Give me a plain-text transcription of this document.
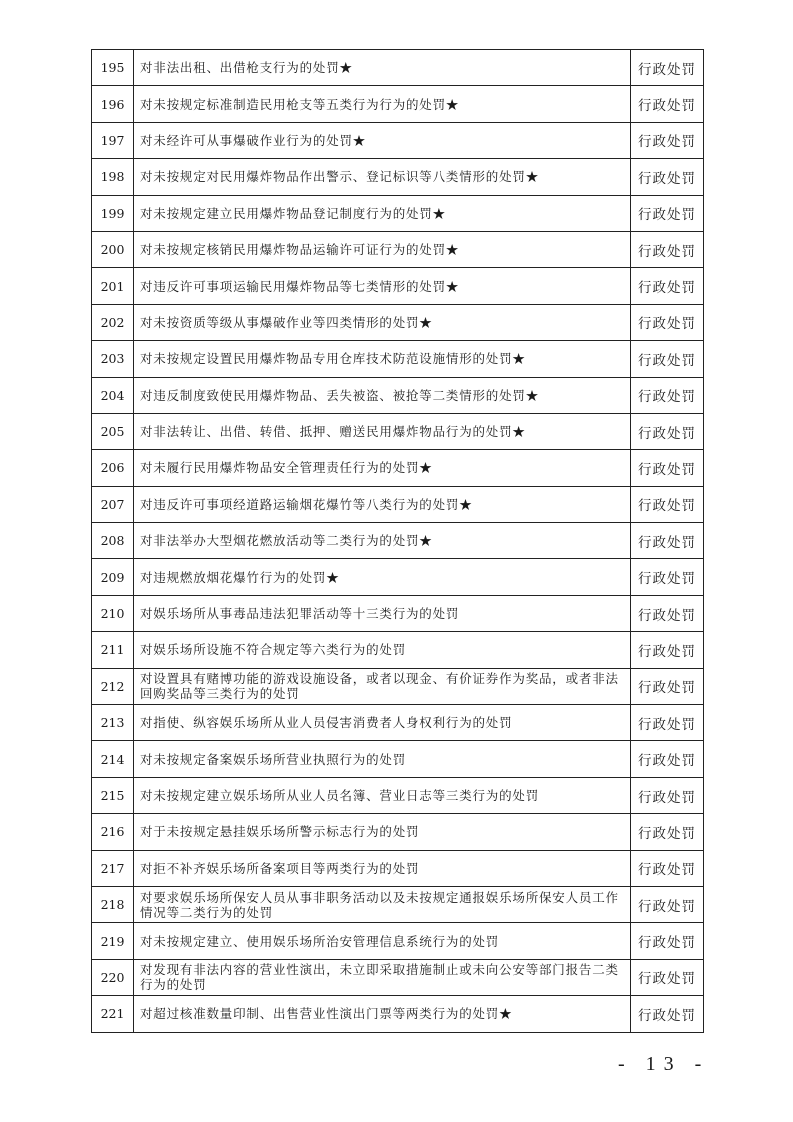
195	对非法出租、出借枪支行为的处罚★	行政处罚
196	对未按规定标准制造民用枪支等五类行为行为的处罚★	行政处罚
197	对未经许可从事爆破作业行为的处罚★	行政处罚
198	对未按规定对民用爆炸物品作出警示、登记标识等八类情形的处罚★	行政处罚
199	对未按规定建立民用爆炸物品登记制度行为的处罚★	行政处罚
200	对未按规定核销民用爆炸物品运输许可证行为的处罚★	行政处罚
201	对违反许可事项运输民用爆炸物品等七类情形的处罚★	行政处罚
202	对未按资质等级从事爆破作业等四类情形的处罚★	行政处罚
203	对未按规定设置民用爆炸物品专用仓库技术防范设施情形的处罚★	行政处罚
204	对违反制度致使民用爆炸物品、丢失被盗、被抢等二类情形的处罚★	行政处罚
205	对非法转让、出借、转借、抵押、赠送民用爆炸物品行为的处罚★	行政处罚
206	对未履行民用爆炸物品安全管理责任行为的处罚★	行政处罚
207	对违反许可事项经道路运输烟花爆竹等八类行为的处罚★	行政处罚
208	对非法举办大型烟花燃放活动等二类行为的处罚★	行政处罚
209	对违规燃放烟花爆竹行为的处罚★	行政处罚
210	对娱乐场所从事毒品违法犯罪活动等十三类行为的处罚	行政处罚
211	对娱乐场所设施不符合规定等六类行为的处罚	行政处罚
212	对设置具有赌博功能的游戏设施设备，或者以现金、有价证券作为奖品，或者非法回购奖品等三类行为的处罚	行政处罚
213	对指使、纵容娱乐场所从业人员侵害消费者人身权利行为的处罚	行政处罚
214	对未按规定备案娱乐场所营业执照行为的处罚	行政处罚
215	对未按规定建立娱乐场所从业人员名簿、营业日志等三类行为的处罚	行政处罚
216	对于未按规定悬挂娱乐场所警示标志行为的处罚	行政处罚
217	对拒不补齐娱乐场所备案项目等两类行为的处罚	行政处罚
218	对要求娱乐场所保安人员从事非职务活动以及未按规定通报娱乐场所保安人员工作情况等二类行为的处罚	行政处罚
219	对未按规定建立、使用娱乐场所治安管理信息系统行为的处罚	行政处罚
220	对发现有非法内容的营业性演出，未立即采取措施制止或未向公安等部门报告二类行为的处罚	行政处罚
221	对超过核准数量印制、出售营业性演出门票等两类行为的处罚★	行政处罚
- 13 -
